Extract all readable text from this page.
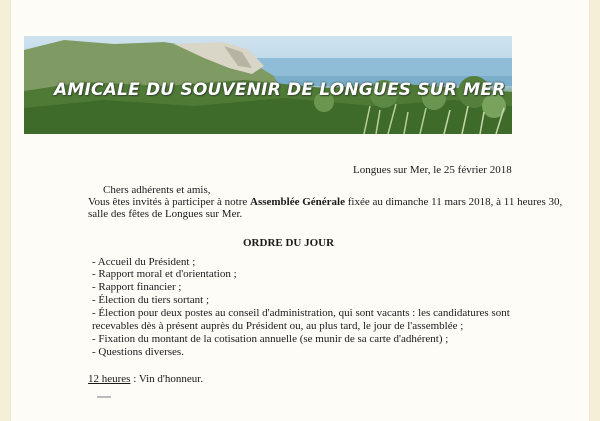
AMICALE DU SOUVENIR DE LONGUES SUR MER
Longues sur Mer, le 25 février 2018
Chers adhérents et amis,
Vous êtes invités à participer à notre Assemblée Générale fixée au dimanche 11 mars 2018, à 11 heures 30,
salle des fêtes de Longues sur Mer.
ORDRE DU JOUR
- Accueil du Président ;
- Rapport moral et d'orientation ;
- Rapport financier ;
- Élection du tiers sortant ;
- Élection pour deux postes au conseil d'administration, qui sont vacants : les candidatures sont
recevables dès à présent auprès du Président ou, au plus tard, le jour de l'assemblée ;
- Fixation du montant de la cotisation annuelle (se munir de sa carte d'adhérent) ;
- Questions diverses.
12 heures : Vin d'honneur.
